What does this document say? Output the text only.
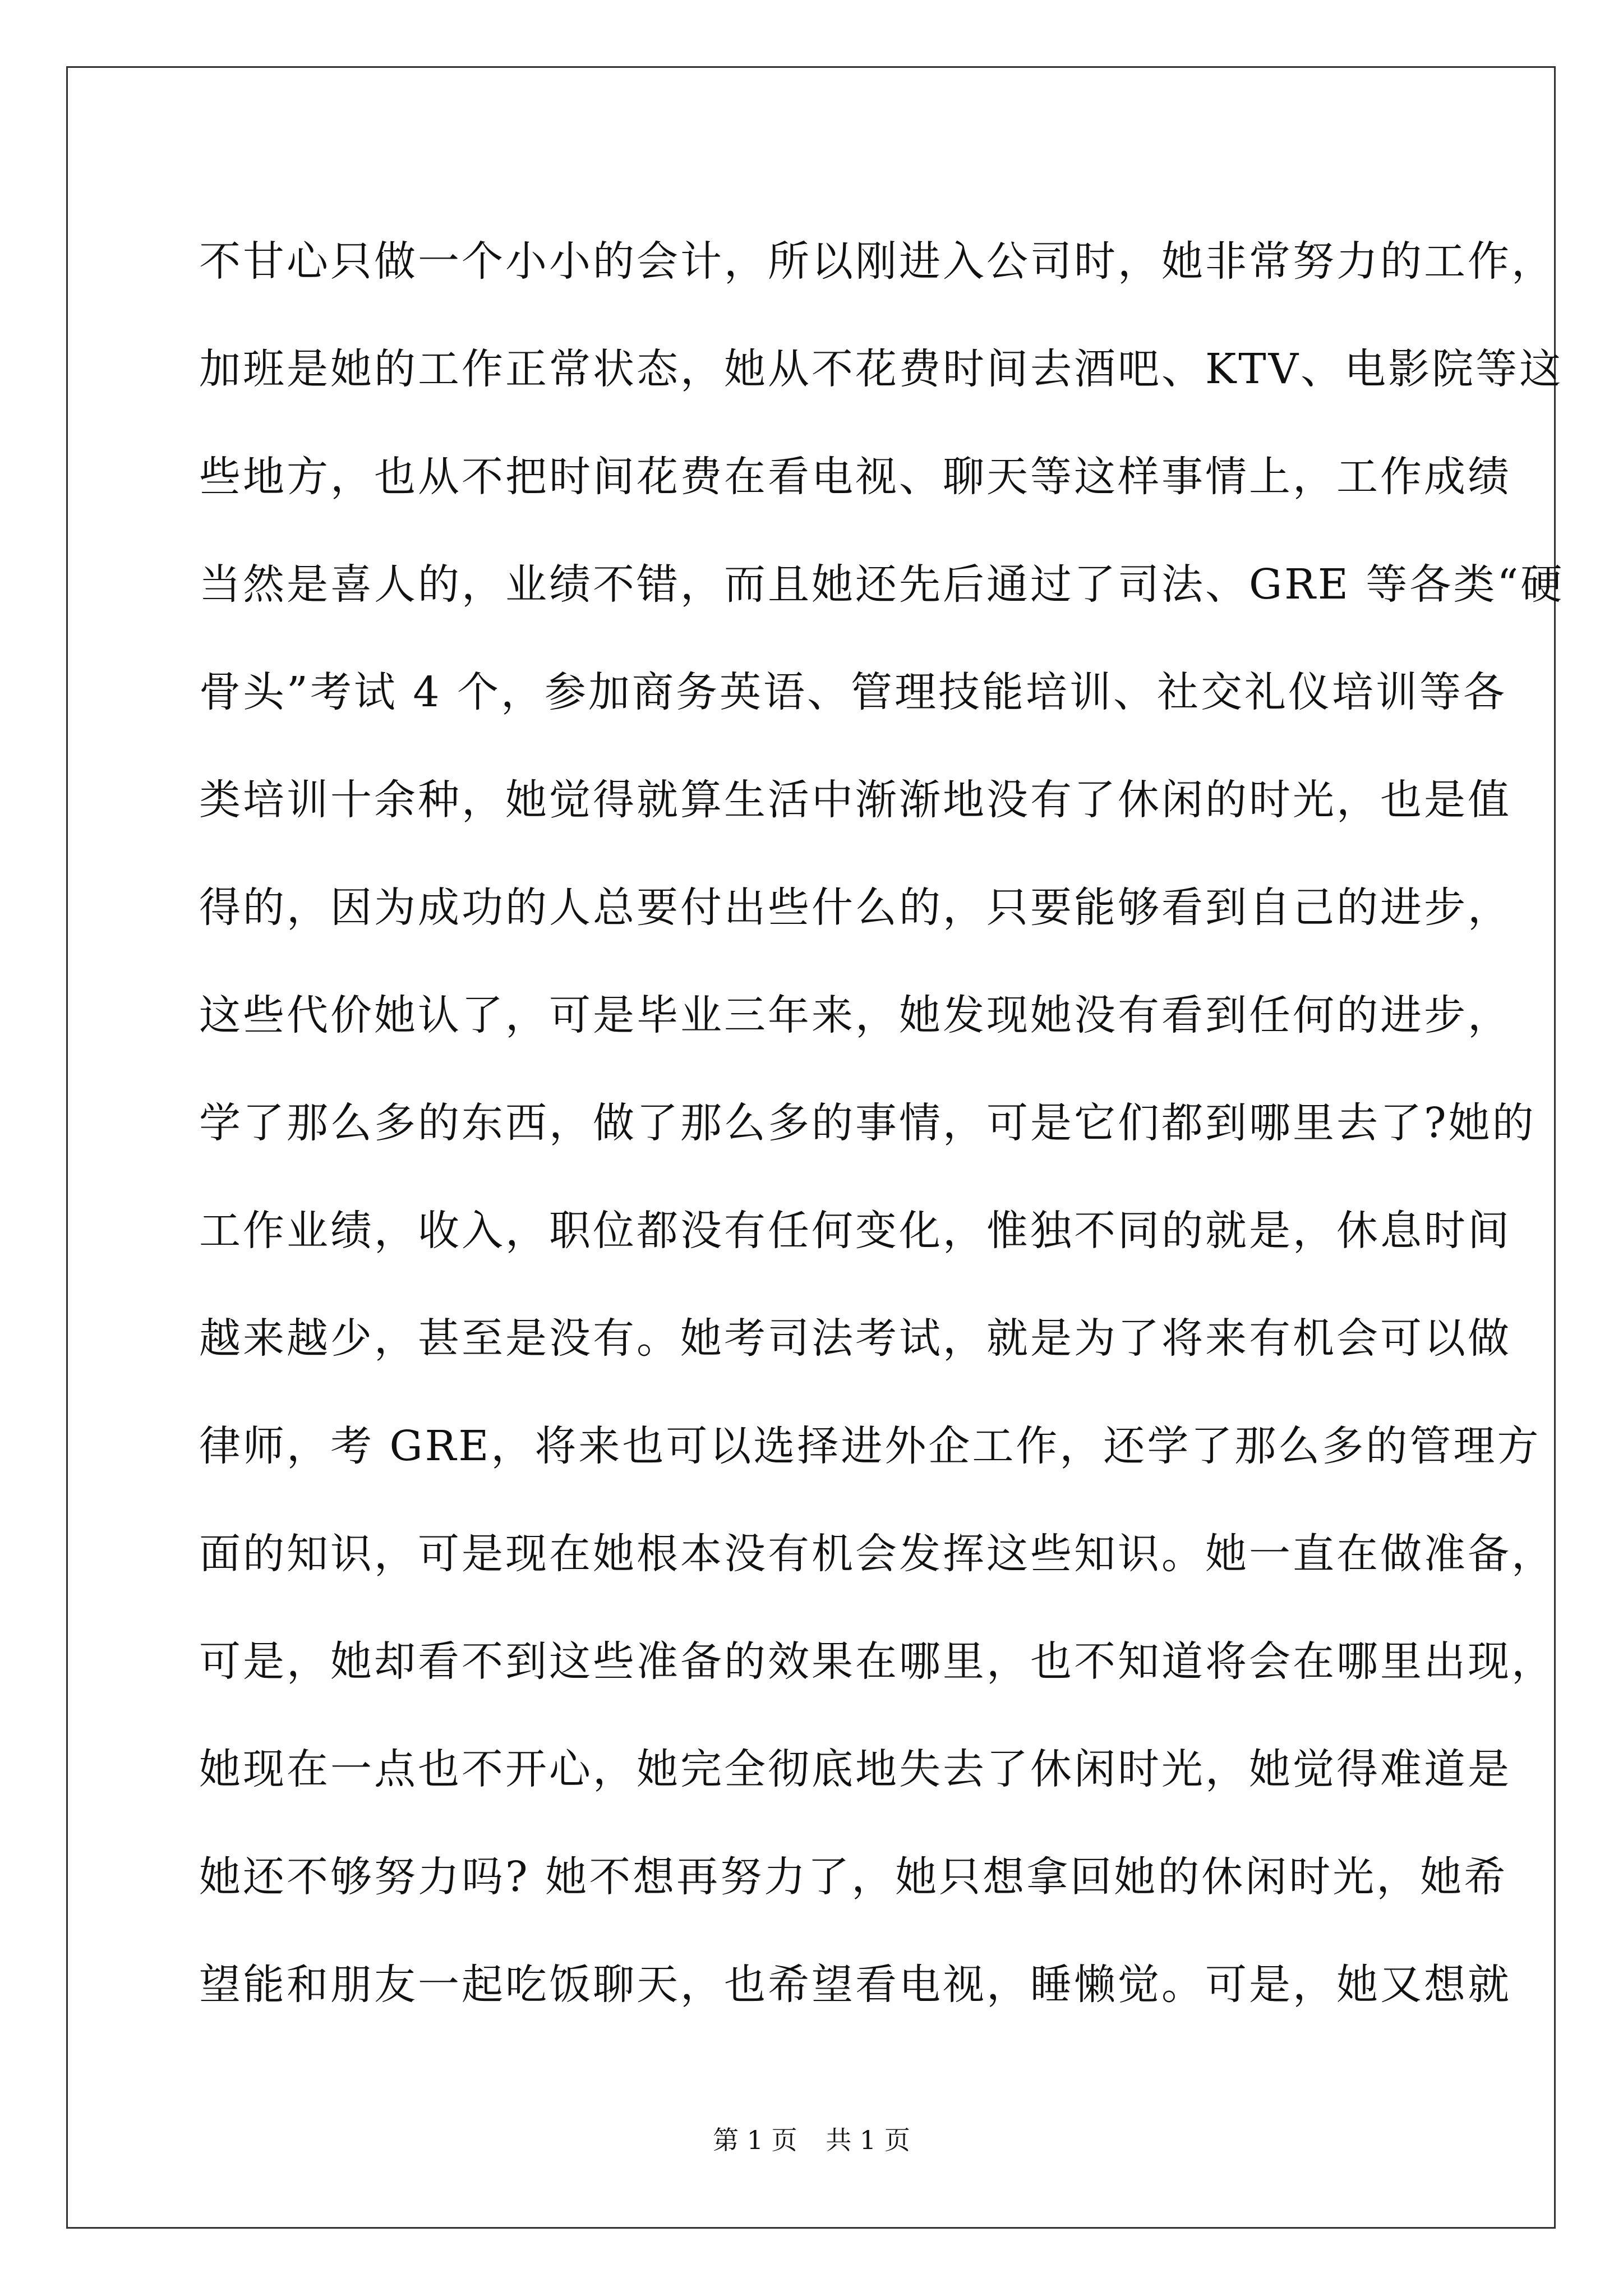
不甘心只做一个小小的会计，所以刚进入公司时，她非常努力的工作，
加班是她的工作正常状态，她从不花费时间去酒吧、KTV、电影院等这
些地方，也从不把时间花费在看电视、聊天等这样事情上，工作成绩
当然是喜人的，业绩不错，而且她还先后通过了司法、GRE 等各类“硬
骨头”考试 4 个，参加商务英语、管理技能培训、社交礼仪培训等各
类培训十余种，她觉得就算生活中渐渐地没有了休闲的时光，也是值
得的，因为成功的人总要付出些什么的，只要能够看到自己的进步，
这些代价她认了，可是毕业三年来，她发现她没有看到任何的进步，
学了那么多的东西，做了那么多的事情，可是它们都到哪里去了?她的
工作业绩，收入，职位都没有任何变化，惟独不同的就是，休息时间
越来越少，甚至是没有。她考司法考试，就是为了将来有机会可以做
律师，考 GRE，将来也可以选择进外企工作，还学了那么多的管理方
面的知识，可是现在她根本没有机会发挥这些知识。她一直在做准备，
可是，她却看不到这些准备的效果在哪里，也不知道将会在哪里出现，
她现在一点也不开心，她完全彻底地失去了休闲时光，她觉得难道是
她还不够努力吗? 她不想再努力了，她只想拿回她的休闲时光，她希
望能和朋友一起吃饭聊天，也希望看电视，睡懒觉。可是，她又想就
第 1 页 共 1 页
